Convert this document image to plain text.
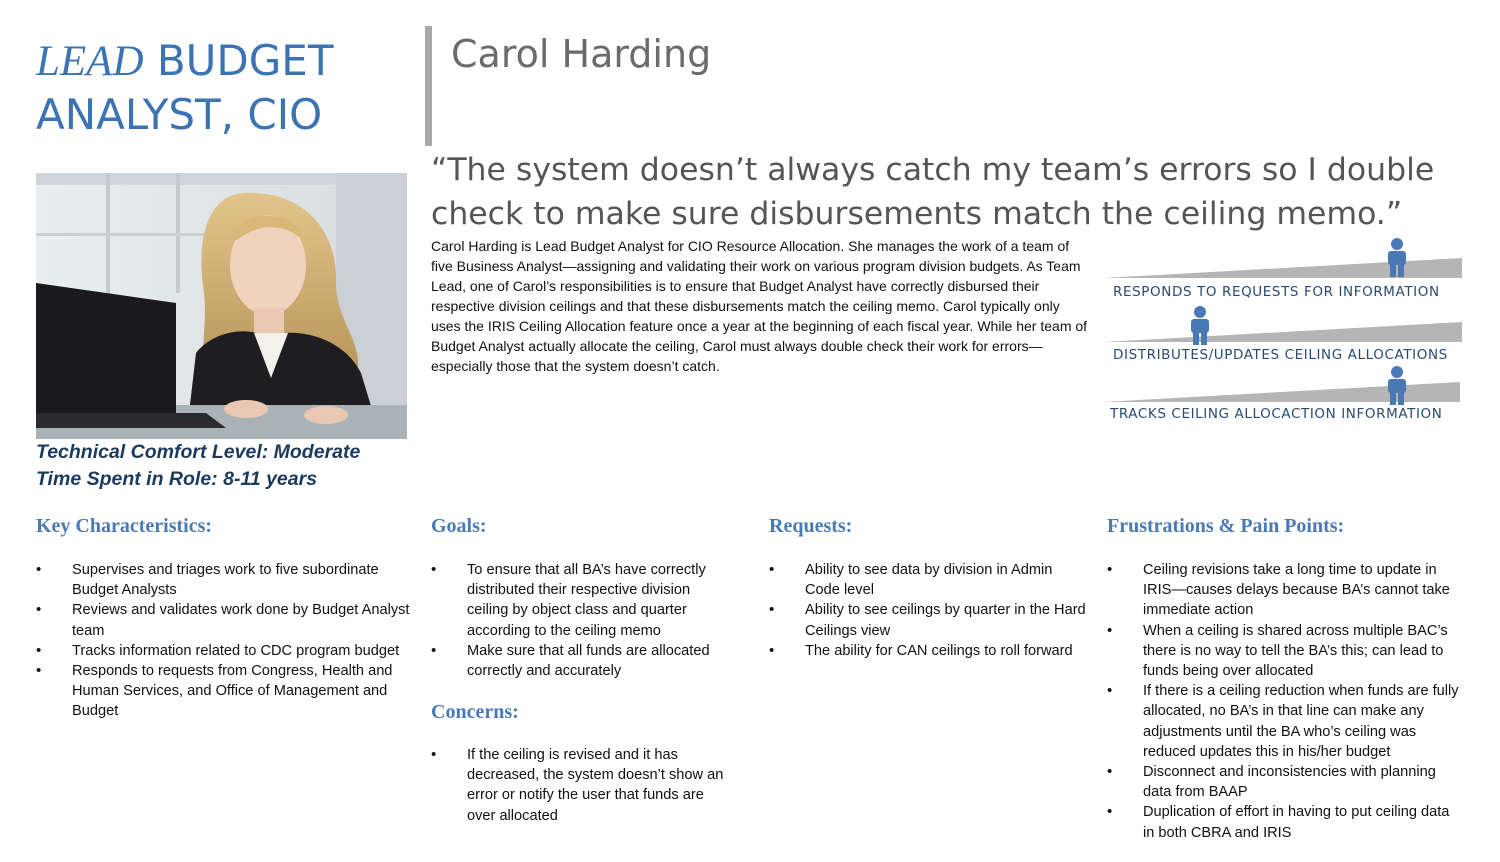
LEAD BUDGET
ANALYST, CIO
Carol Harding
“The system doesn’t always catch my team’s errors so I double check to make sure disbursements match the ceiling memo.”
Carol Harding is Lead Budget Analyst for CIO Resource Allocation. She manages the work of a team of five Business Analyst—assigning and validating their work on various program division budgets. As Team Lead, one of Carol’s responsibilities is to ensure that Budget Analyst have correctly disbursed their respective division ceilings and that these disbursements match the ceiling memo. Carol typically only uses the IRIS Ceiling Allocation feature once a year at the beginning of each fiscal year. While her team of Budget Analyst actually allocate the ceiling, Carol must always double check their work for errors—especially those that the system doesn’t catch.
Technical Comfort Level: Moderate
Time Spent in Role: 8-11 years
RESPONDS TO REQUESTS FOR INFORMATION
DISTRIBUTES/UPDATES CEILING ALLOCATIONS
TRACKS CEILING ALLOCACTION INFORMATION
Key Characteristics:
• Supervises and triages work to five subordinate Budget Analysts
• Reviews and validates work done by Budget Analyst team
• Tracks information related to CDC program budget
• Responds to requests from Congress, Health and Human Services, and Office of Management and Budget
Goals:
• To ensure that all BA’s have correctly distributed their respective division ceiling by object class and quarter according to the ceiling memo
• Make sure that all funds are allocated correctly and accurately
Concerns:
• If the ceiling is revised and it has decreased, the system doesn’t show an error or notify the user that funds are over allocated
Requests:
• Ability to see data by division in Admin Code level
• Ability to see ceilings by quarter in the Hard Ceilings view
• The ability for CAN ceilings to roll forward
Frustrations & Pain Points:
• Ceiling revisions take a long time to update in IRIS—causes delays because BA’s cannot take immediate action
• When a ceiling is shared across multiple BAC’s there is no way to tell the BA’s this; can lead to funds being over allocated
• If there is a ceiling reduction when funds are fully allocated, no BA’s in that line can make any adjustments until the BA who’s ceiling was reduced updates this in his/her budget
• Disconnect and inconsistencies with planning data from BAAP
• Duplication of effort in having to put ceiling data in both CBRA and IRIS
